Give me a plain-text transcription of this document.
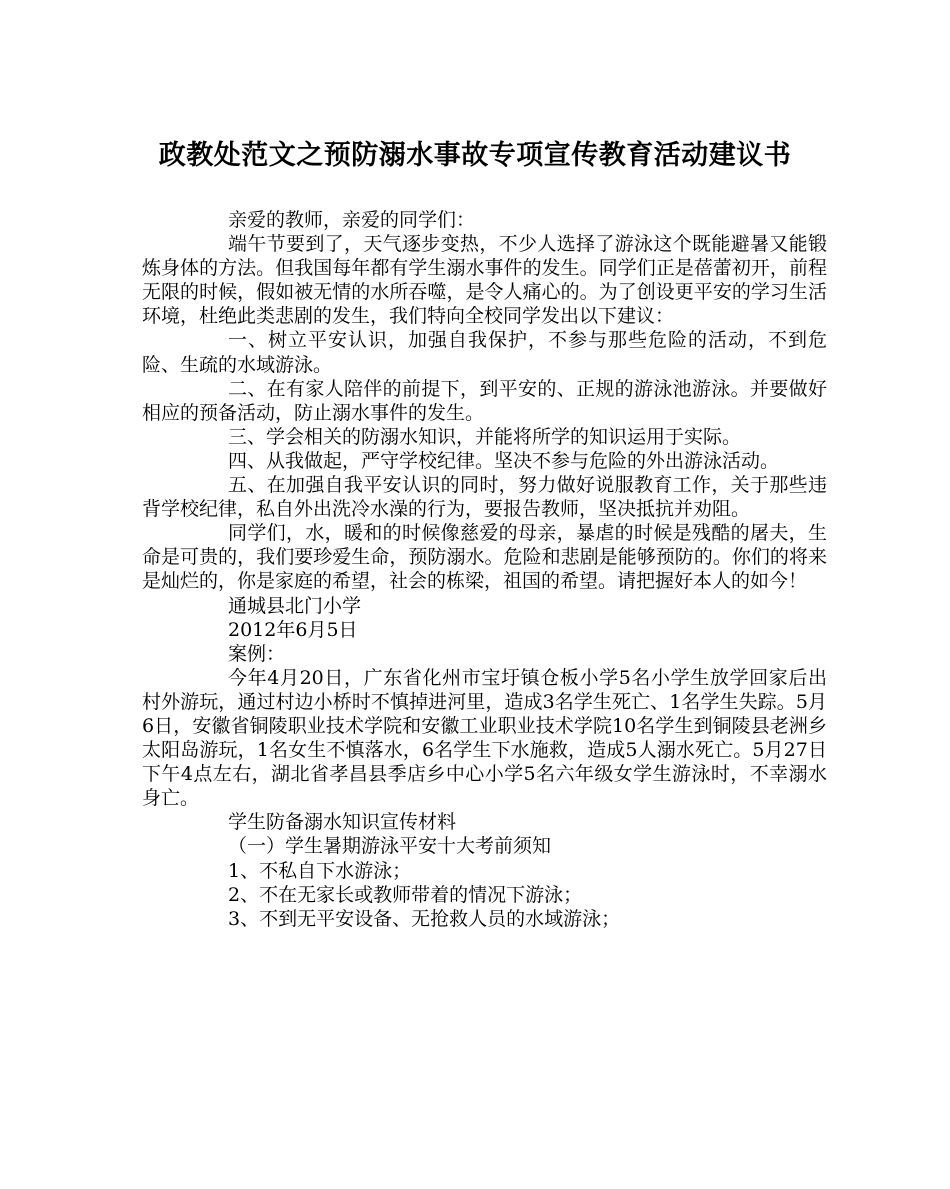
政教处范文之预防溺水事故专项宣传教育活动建议书

亲爱的教师，亲爱的同学们：

端午节要到了，天气逐步变热，不少人选择了游泳这个既能避暑又能锻炼身体的方法。但我国每年都有学生溺水事件的发生。同学们正是蓓蕾初开，前程无限的时候，假如被无情的水所吞噬，是令人痛心的。为了创设更平安的学习生活环境，杜绝此类悲剧的发生，我们特向全校同学发出以下建议：

一、树立平安认识，加强自我保护，不参与那些危险的活动，不到危险、生疏的水域游泳。

二、在有家人陪伴的前提下，到平安的、正规的游泳池游泳。并要做好相应的预备活动，防止溺水事件的发生。

三、学会相关的防溺水知识，并能将所学的知识运用于实际。

四、从我做起，严守学校纪律。坚决不参与危险的外出游泳活动。

五、在加强自我平安认识的同时，努力做好说服教育工作，关于那些违背学校纪律，私自外出洗冷水澡的行为，要报告教师，坚决抵抗并劝阻。

同学们，水，暖和的时候像慈爱的母亲，暴虐的时候是残酷的屠夫，生命是可贵的，我们要珍爱生命，预防溺水。危险和悲剧是能够预防的。你们的将来是灿烂的，你是家庭的希望，社会的栋梁，祖国的希望。请把握好本人的如今！

通城县北门小学

2012年6月5日

案例：

今年4月20日，广东省化州市宝圩镇仓板小学5名小学生放学回家后出村外游玩，通过村边小桥时不慎掉进河里，造成3名学生死亡、1名学生失踪。5月6日，安徽省铜陵职业技术学院和安徽工业职业技术学院10名学生到铜陵县老洲乡太阳岛游玩，1名女生不慎落水，6名学生下水施救，造成5人溺水死亡。5月27日下午4点左右，湖北省孝昌县季店乡中心小学5名六年级女学生游泳时，不幸溺水身亡。

学生防备溺水知识宣传材料

（一）学生暑期游泳平安十大考前须知

1、不私自下水游泳；

2、不在无家长或教师带着的情况下游泳；

3、不到无平安设备、无抢救人员的水域游泳；
